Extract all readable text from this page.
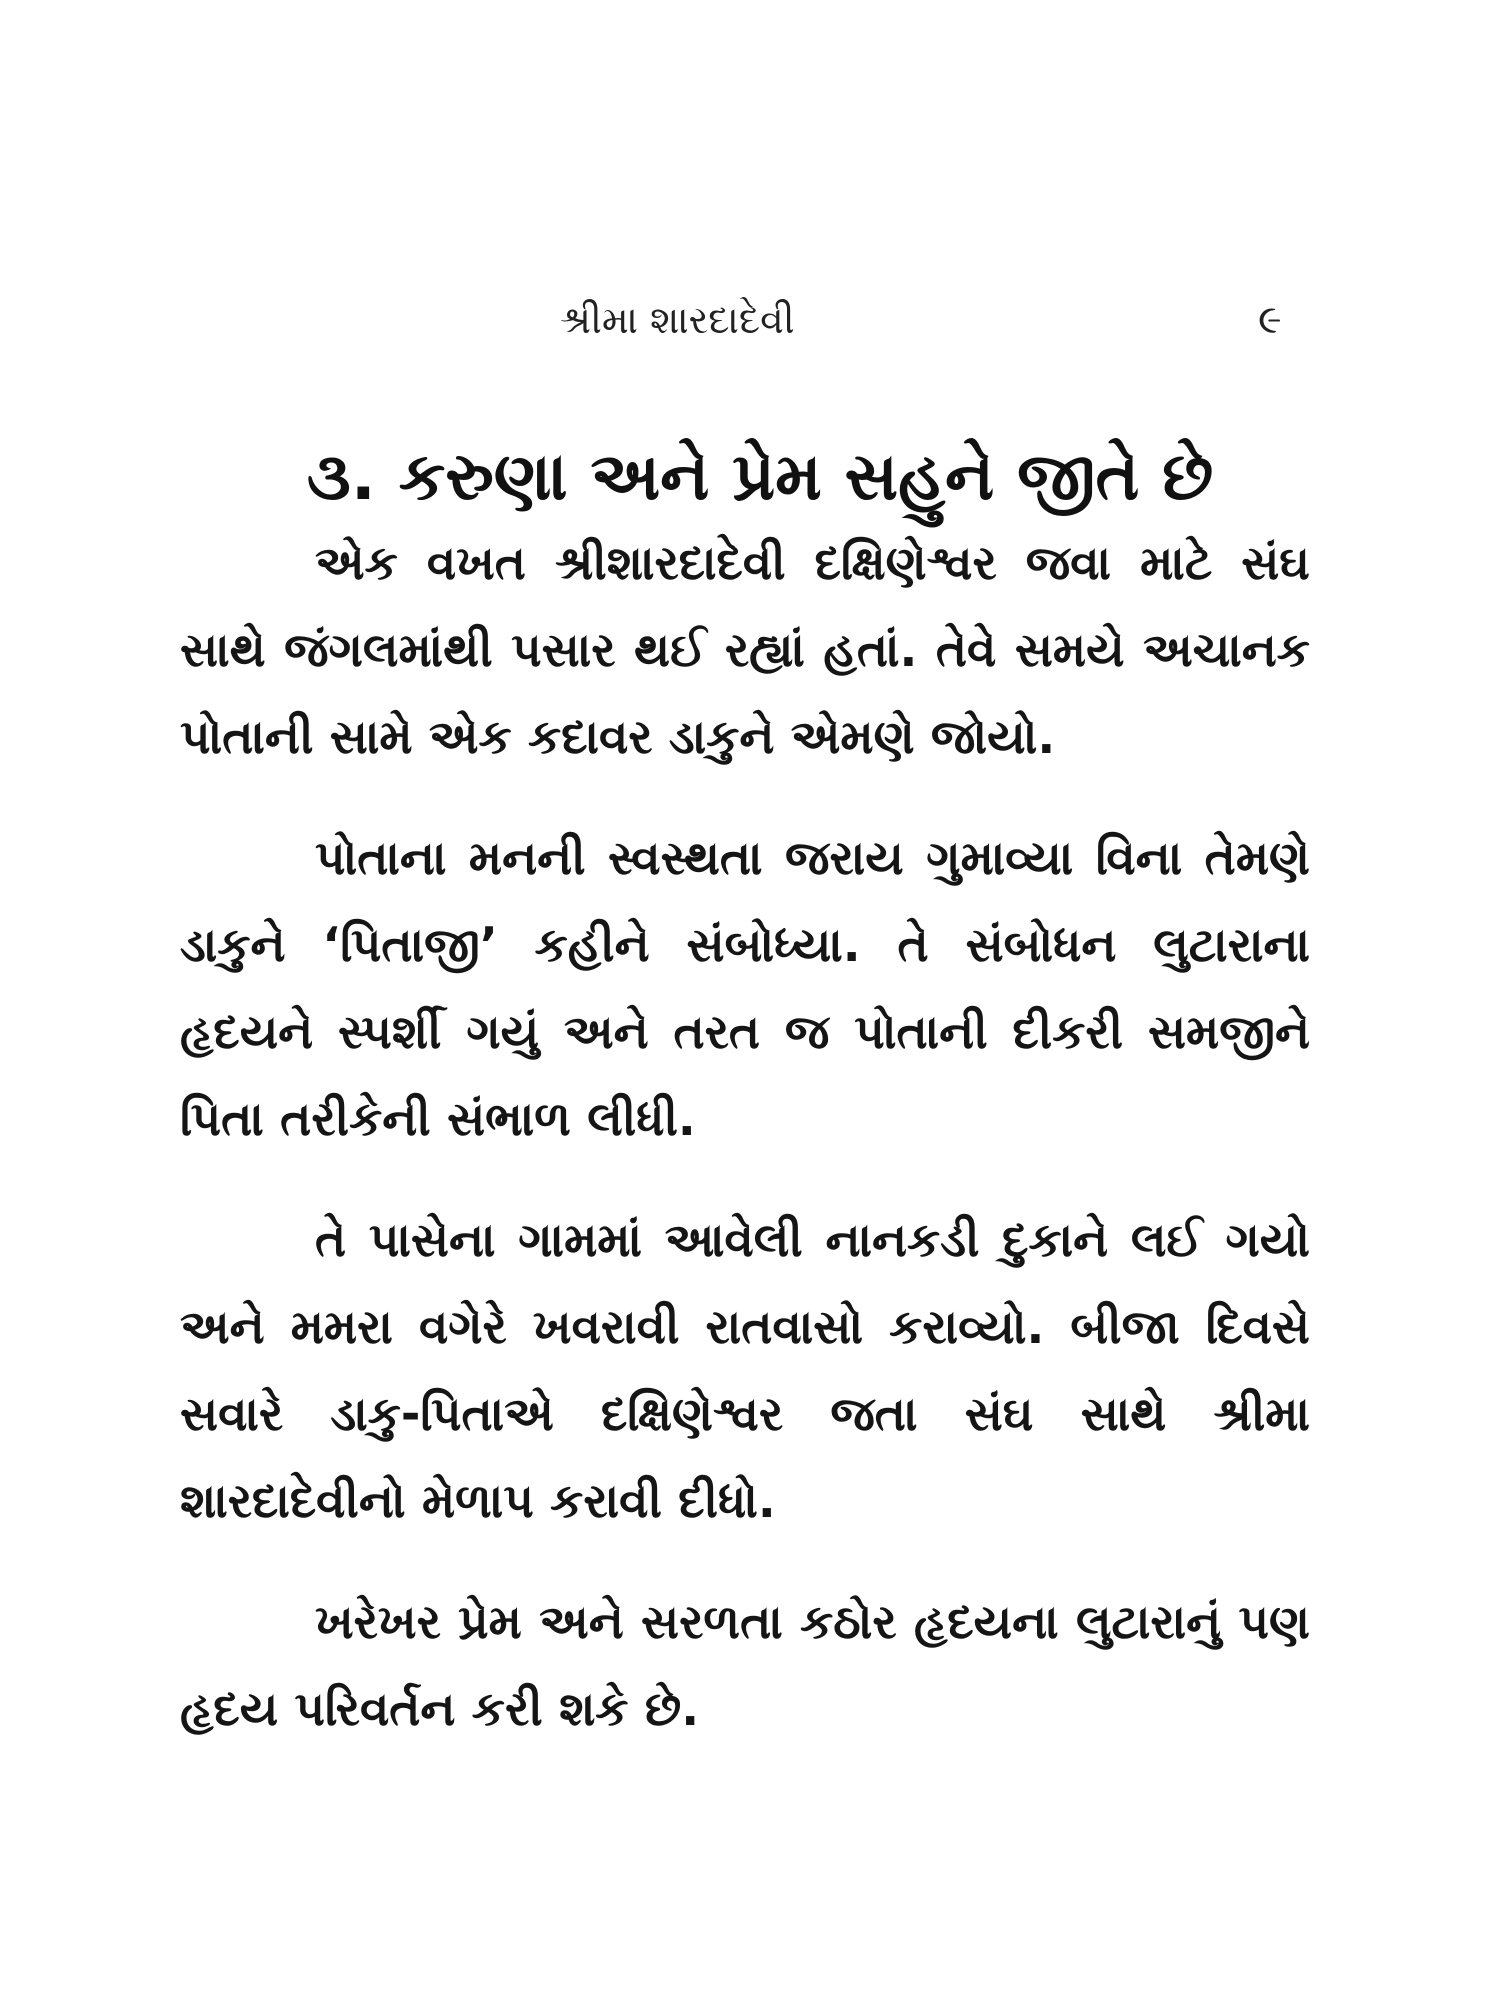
શ્રીમા શારદાદેવી	૯
૩. કરુણા અને પ્રેમ સહુને જીતે છે

એક વખત શ્રીશારદાદેવી દક્ષિણેશ્વર જવા માટે સંઘ સાથે જંગલમાંથી પસાર થઈ રહ્યાં હતાં. તેવે સમયે અચાનક પોતાની સામે એક કદાવર ડાકુને એમણે જોયો.

પોતાના મનની સ્વસ્થતા જરાય ગુમાવ્યા વિના તેમણે ડાકુને ‘પિતાજી’ કહીને સંબોધ્યા. તે સંબોધન લુટારાના હૃદયને સ્પર્શી ગયું અને તરત જ પોતાની દીકરી સમજીને પિતા તરીકેની સંભાળ લીધી.

તે પાસેના ગામમાં આવેલી નાનકડી દુકાને લઈ ગયો અને મમરા વગેરે ખવરાવી રાતવાસો કરાવ્યો. બીજા દિવસે સવારે ડાકુ-પિતાએ દક્ષિણેશ્વર જતા સંઘ સાથે શ્રીમા શારદાદેવીનો મેળાપ કરાવી દીધો.

ખરેખર પ્રેમ અને સરળતા કઠોર હૃદયના લુટારાનું પણ હૃદય પરિવર્તન કરી શકે છે.
